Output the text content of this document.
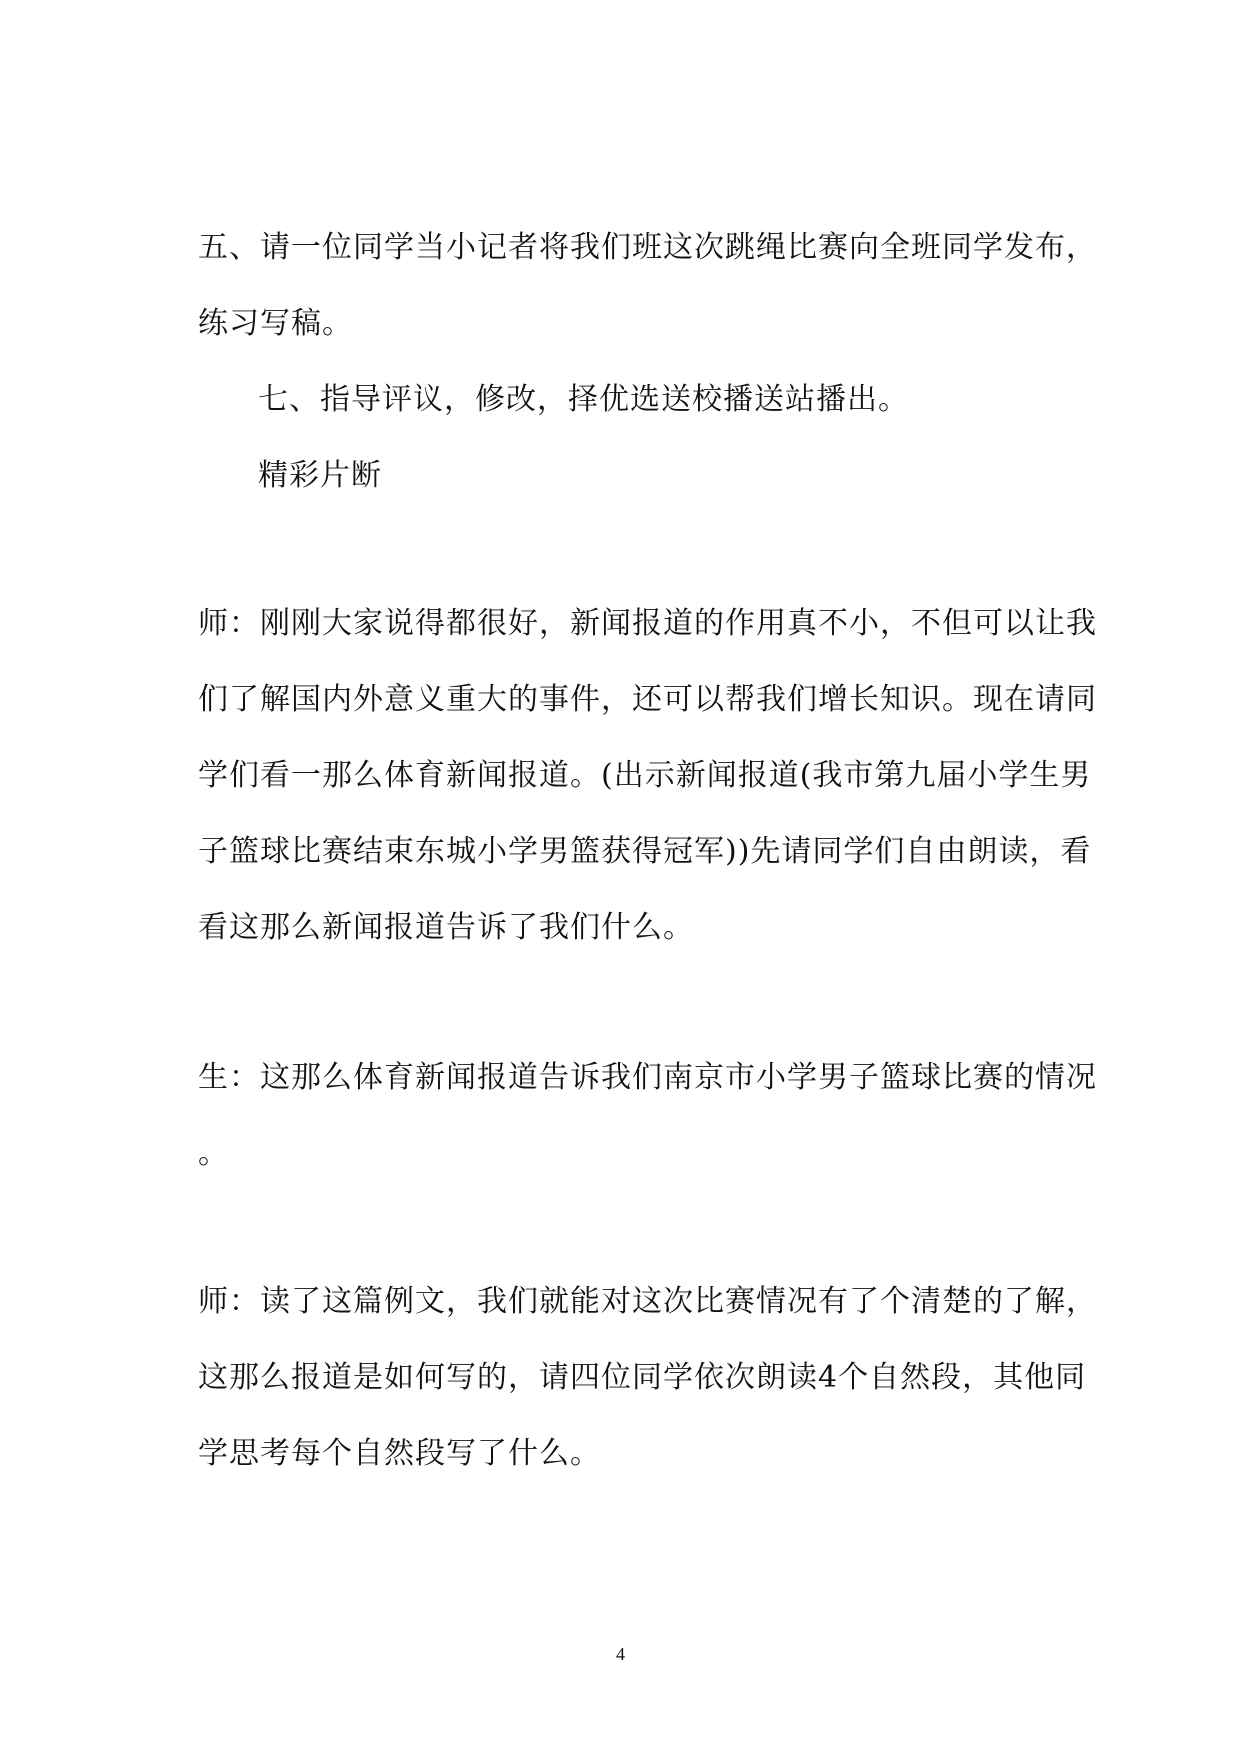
五、请一位同学当小记者将我们班这次跳绳比赛向全班同学发布，
练习写稿。
七、指导评议，修改，择优选送校播送站播出。
精彩片断
师：刚刚大家说得都很好，新闻报道的作用真不小，不但可以让我
们了解国内外意义重大的事件，还可以帮我们增长知识。现在请同
学们看一那么体育新闻报道。(出示新闻报道(我市第九届小学生男
子篮球比赛结束东城小学男篮获得冠军))先请同学们自由朗读，看
看这那么新闻报道告诉了我们什么。
生：这那么体育新闻报道告诉我们南京市小学男子篮球比赛的情况
。
师：读了这篇例文，我们就能对这次比赛情况有了个清楚的了解，
这那么报道是如何写的，请四位同学依次朗读4个自然段，其他同
学思考每个自然段写了什么。
4
